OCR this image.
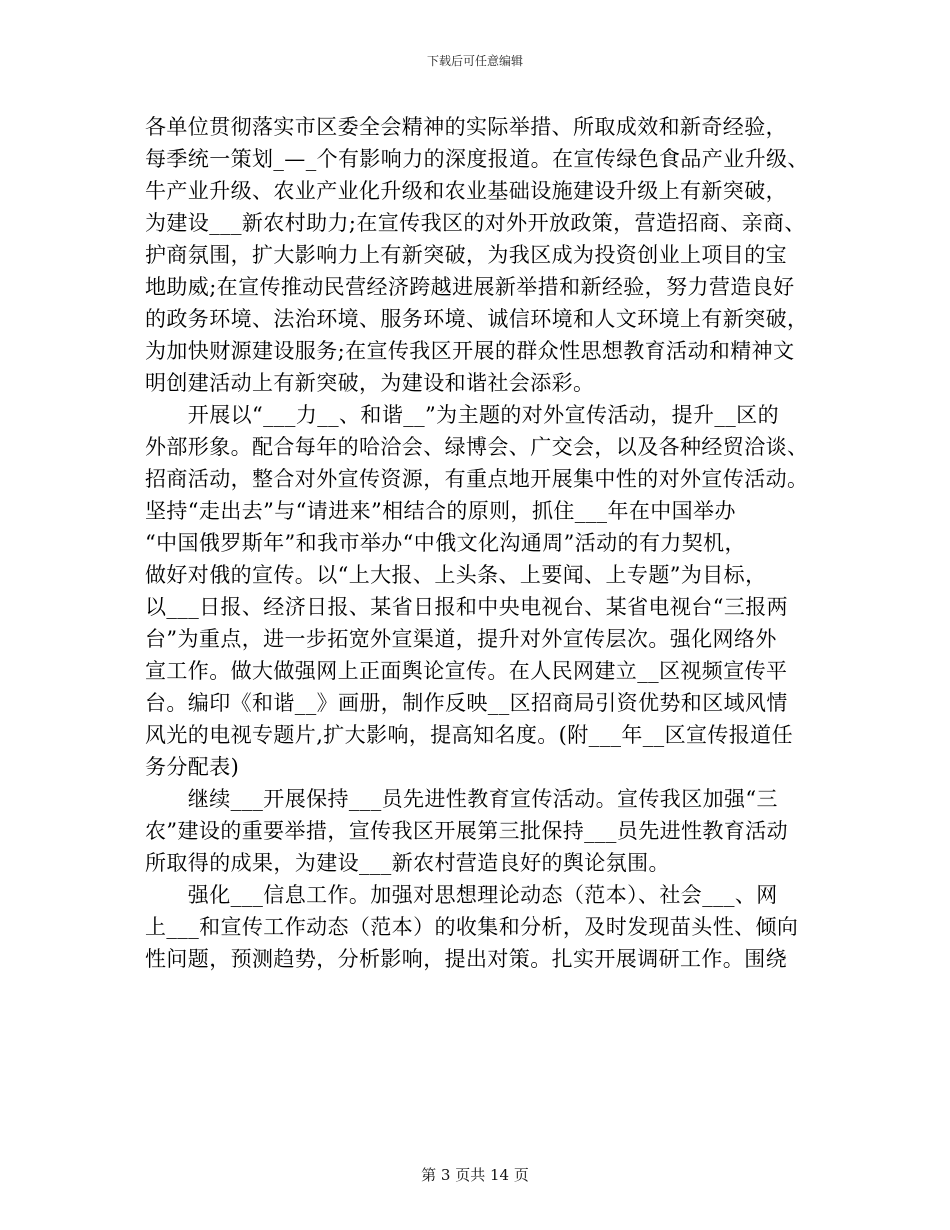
下载后可任意编辑
各单位贯彻落实市区委全会精神的实际举措、所取成效和新奇经验，
每季统一策划_—_个有影响力的深度报道。在宣传绿色食品产业升级、
牛产业升级、农业产业化升级和农业基础设施建设升级上有新突破，
为建设___新农村助力;在宣传我区的对外开放政策，营造招商、亲商、
护商氛围，扩大影响力上有新突破，为我区成为投资创业上项目的宝
地助威;在宣传推动民营经济跨越进展新举措和新经验，努力营造良好
的政务环境、法治环境、服务环境、诚信环境和人文环境上有新突破，
为加快财源建设服务;在宣传我区开展的群众性思想教育活动和精神文
明创建活动上有新突破，为建设和谐社会添彩。
　　开展以“___力__、和谐__”为主题的对外宣传活动，提升__区的
外部形象。配合每年的哈洽会、绿博会、广交会，以及各种经贸洽谈、
招商活动，整合对外宣传资源，有重点地开展集中性的对外宣传活动。
坚持“走出去”与“请进来”相结合的原则，抓住___年在中国举办
“中国俄罗斯年”和我市举办“中俄文化沟通周”活动的有力契机，
做好对俄的宣传。以“上大报、上头条、上要闻、上专题”为目标，
以___日报、经济日报、某省日报和中央电视台、某省电视台“三报两
台”为重点，进一步拓宽外宣渠道，提升对外宣传层次。强化网络外
宣工作。做大做强网上正面舆论宣传。在人民网建立__区视频宣传平
台。编印《和谐__》画册，制作反映__区招商局引资优势和区域风情
风光的电视专题片,扩大影响，提高知名度。(附___年__区宣传报道任
务分配表)
　　继续___开展保持___员先进性教育宣传活动。宣传我区加强“三
农”建设的重要举措，宣传我区开展第三批保持___员先进性教育活动
所取得的成果，为建设___新农村营造良好的舆论氛围。
　　强化___信息工作。加强对思想理论动态（范本）、社会___、网
上___和宣传工作动态（范本）的收集和分析，及时发现苗头性、倾向
性问题，预测趋势，分析影响，提出对策。扎实开展调研工作。围绕
第 3 页共 14 页
